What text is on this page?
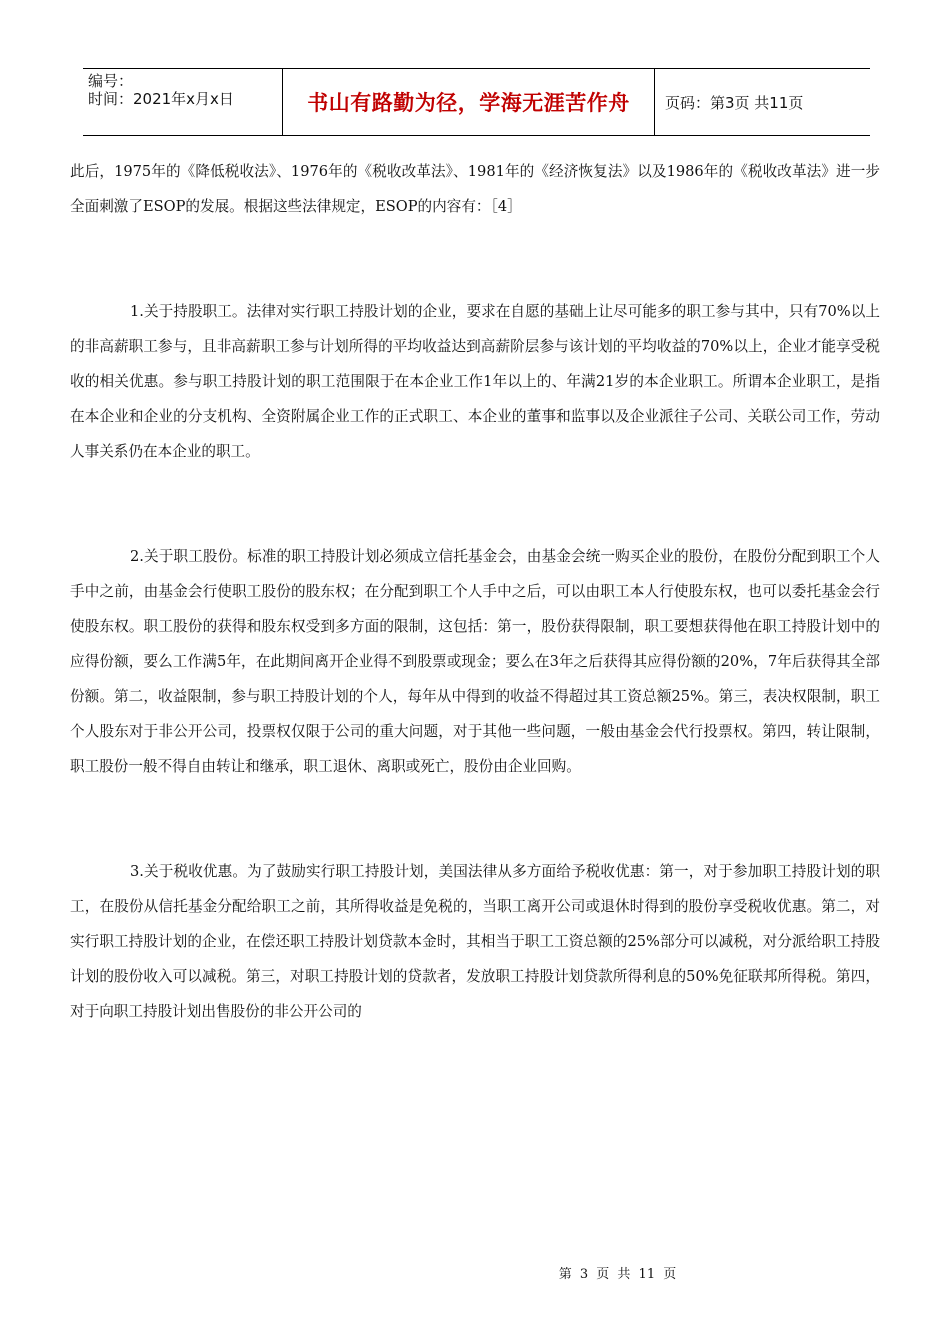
编号：
时间：2021年x月x日	书山有路勤为径，学海无涯苦作舟 页码：第3页 共11页

此后，1975年的《降低税收法》、1976年的《税收改革法》、1981年的《经济恢复法》以及1986年的《税收改革法》进一步全面刺激了ESOP的发展。根据这些法律规定，ESOP的内容有：［4］

1.关于持股职工。法律对实行职工持股计划的企业，要求在自愿的基础上让尽可能多的职工参与其中，只有70%以上的非高薪职工参与，且非高薪职工参与计划所得的平均收益达到高薪阶层参与该计划的平均收益的70%以上，企业才能享受税收的相关优惠。参与职工持股计划的职工范围限于在本企业工作1年以上的、年满21岁的本企业职工。所谓本企业职工，是指在本企业和企业的分支机构、全资附属企业工作的正式职工、本企业的董事和监事以及企业派往子公司、关联公司工作，劳动人事关系仍在本企业的职工。

2.关于职工股份。标准的职工持股计划必须成立信托基金会，由基金会统一购买企业的股份，在股份分配到职工个人手中之前，由基金会行使职工股份的股东权；在分配到职工个人手中之后，可以由职工本人行使股东权，也可以委托基金会行使股东权。职工股份的获得和股东权受到多方面的限制，这包括：第一，股份获得限制，职工要想获得他在职工持股计划中的应得份额，要么工作满5年，在此期间离开企业得不到股票或现金；要么在3年之后获得其应得份额的20%，7年后获得其全部份额。第二，收益限制，参与职工持股计划的个人，每年从中得到的收益不得超过其工资总额25%。第三，表决权限制，职工个人股东对于非公开公司，投票权仅限于公司的重大问题，对于其他一些问题，一般由基金会代行投票权。第四，转让限制，职工股份一般不得自由转让和继承，职工退休、离职或死亡，股份由企业回购。

3.关于税收优惠。为了鼓励实行职工持股计划，美国法律从多方面给予税收优惠：第一，对于参加职工持股计划的职工，在股份从信托基金分配给职工之前，其所得收益是免税的，当职工离开公司或退休时得到的股份享受税收优惠。第二，对实行职工持股计划的企业，在偿还职工持股计划贷款本金时，其相当于职工工资总额的25%部分可以减税，对分派给职工持股计划的股份收入可以减税。第三，对职工持股计划的贷款者，发放职工持股计划贷款所得利息的50%免征联邦所得税。第四，对于向职工持股计划出售股份的非公开公司的

第 3 页 共 11 页
